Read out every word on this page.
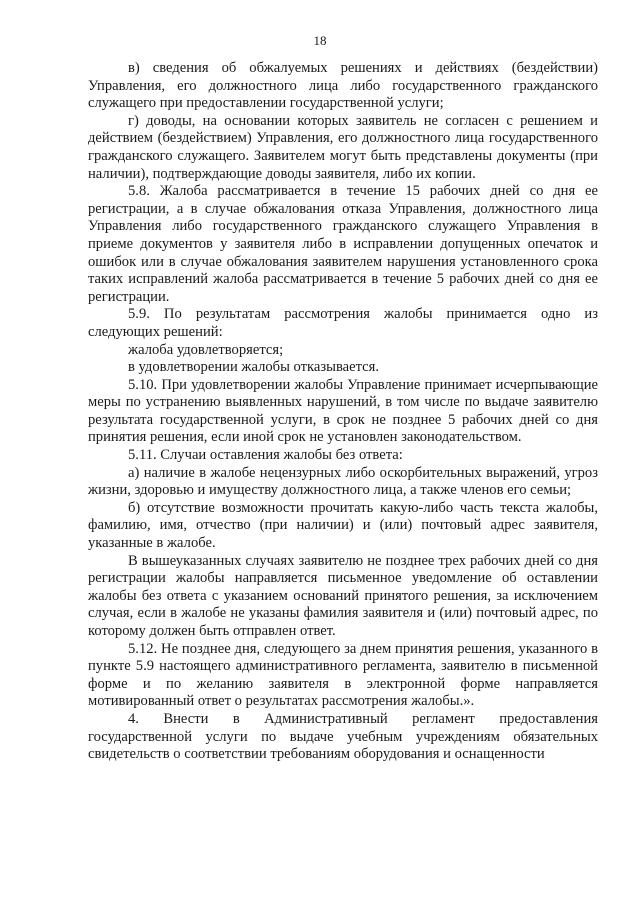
18

в) сведения об обжалуемых решениях и действиях (бездействии) Управления, его должностного лица либо государственного гражданского служащего при предоставлении государственной услуги;

г) доводы, на основании которых заявитель не согласен с решением и действием (бездействием) Управления, его должностного лица государственного гражданского служащего. Заявителем могут быть представлены документы (при наличии), подтверждающие доводы заявителя, либо их копии.

5.8. Жалоба рассматривается в течение 15 рабочих дней со дня ее регистрации, а в случае обжалования отказа Управления, должностного лица Управления либо государственного гражданского служащего Управления в приеме документов у заявителя либо в исправлении допущенных опечаток и ошибок или в случае обжалования заявителем нарушения установленного срока таких исправлений жалоба рассматривается в течение 5 рабочих дней со дня ее регистрации.

5.9. По результатам рассмотрения жалобы принимается одно из следующих решений:

жалоба удовлетворяется;

в удовлетворении жалобы отказывается.

5.10. При удовлетворении жалобы Управление принимает исчерпывающие меры по устранению выявленных нарушений, в том числе по выдаче заявителю результата государственной услуги, в срок не позднее 5 рабочих дней со дня принятия решения, если иной срок не установлен законодательством.

5.11. Случаи оставления жалобы без ответа:

а) наличие в жалобе нецензурных либо оскорбительных выражений, угроз жизни, здоровью и имуществу должностного лица, а также членов его семьи;

б) отсутствие возможности прочитать какую-либо часть текста жалобы, фамилию, имя, отчество (при наличии) и (или) почтовый адрес заявителя, указанные в жалобе.

В вышеуказанных случаях заявителю не позднее трех рабочих дней со дня регистрации жалобы направляется письменное уведомление об оставлении жалобы без ответа с указанием оснований принятого решения, за исключением случая, если в жалобе не указаны фамилия заявителя и (или) почтовый адрес, по которому должен быть отправлен ответ.

5.12. Не позднее дня, следующего за днем принятия решения, указанного в пункте 5.9 настоящего административного регламента, заявителю в письменной форме и по желанию заявителя в электронной форме направляется мотивированный ответ о результатах рассмотрения жалобы.».

4. Внести в Административный регламент предоставления государственной услуги по выдаче учебным учреждениям обязательных свидетельств о соответствии требованиям оборудования и оснащенности
